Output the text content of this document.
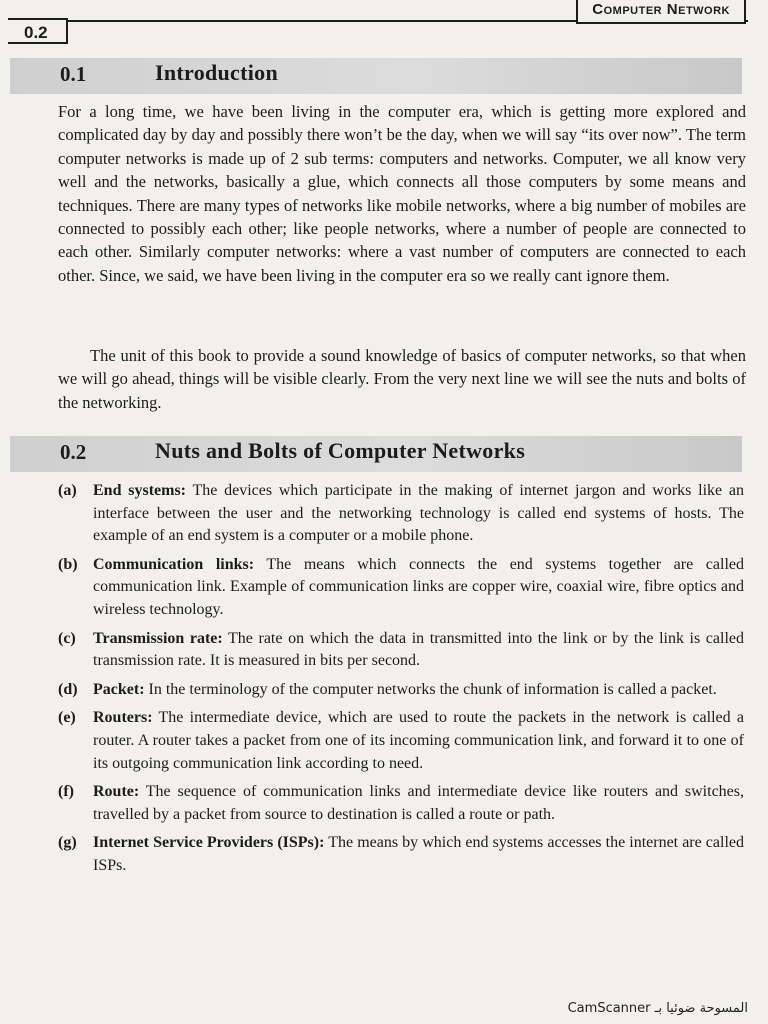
0.2
Computer Network
0.1	Introduction

For a long time, we have been living in the computer era, which is getting more explored and complicated day by day and possibly there won’t be the day, when we will say “its over now”. The term computer networks is made up of 2 sub terms: computers and networks. Computer, we all know very well and the networks, basically a glue, which connects all those computers by some means and techniques. There are many types of networks like mobile networks, where a big number of mobiles are connected to possibly each other; like people networks, where a number of people are connected to each other. Similarly computer networks: where a vast number of computers are connected to each other. Since, we said, we have been living in the computer era so we really cant ignore them.

The unit of this book to provide a sound knowledge of basics of computer networks, so that when we will go ahead, things will be visible clearly. From the very next line we will see the nuts and bolts of the networking.

0.2	Nuts and Bolts of Computer Networks
(a) End systems: The devices which participate in the making of internet jargon and works like an interface between the user and the networking technology is called end systems of hosts. The example of an end system is a computer or a mobile phone.
(b) Communication links: The means which connects the end systems together are called communication link. Example of communication links are copper wire, coaxial wire, fibre optics and wireless technology.
(c) Transmission rate: The rate on which the data in transmitted into the link or by the link is called transmission rate. It is measured in bits per second.
(d) Packet: In the terminology of the computer networks the chunk of information is called a packet.
(e) Routers: The intermediate device, which are used to route the packets in the network is called a router. A router takes a packet from one of its incoming communication link, and forward it to one of its outgoing communication link according to need.
(f) Route: The sequence of communication links and intermediate device like routers and switches, travelled by a packet from source to destination is called a route or path.
(g) Internet Service Providers (ISPs): The means by which end systems accesses the internet are called ISPs.
CamScanner المسوحة ضوئيا بـ
